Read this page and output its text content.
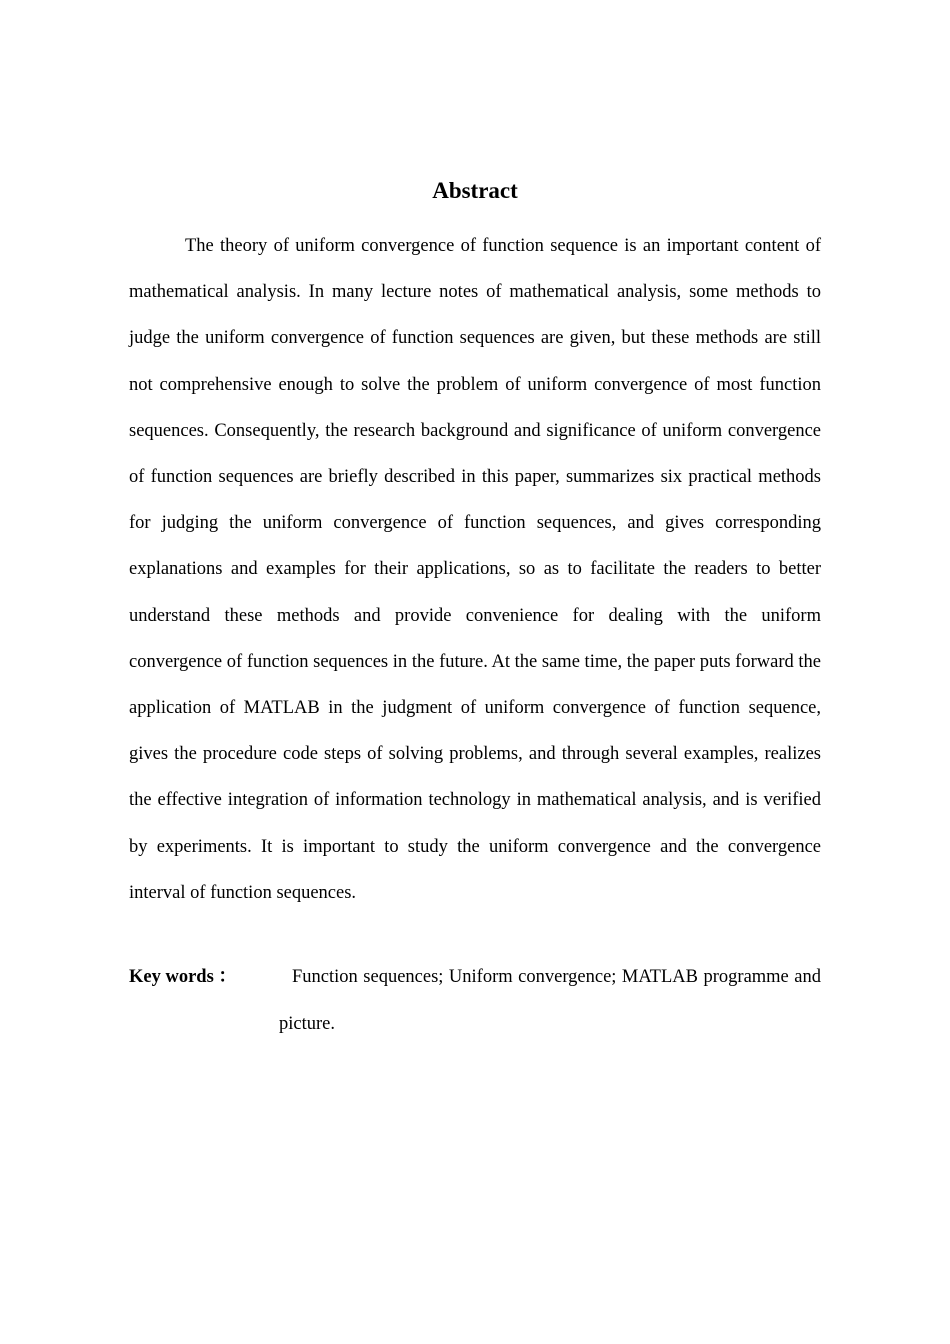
Abstract

The theory of uniform convergence of function sequence is an important content of mathematical analysis. In many lecture notes of mathematical analysis, some methods to judge the uniform convergence of function sequences are given, but these methods are still not comprehensive enough to solve the problem of uniform convergence of most function sequences. Consequently, the research background and significance of uniform convergence of function sequences are briefly described in this paper, summarizes six practical methods for judging the uniform convergence of function sequences, and gives corresponding explanations and examples for their applications, so as to facilitate the readers to better understand these methods and provide convenience for dealing with the uniform convergence of function sequences in the future. At the same time, the paper puts forward the application of MATLAB in the judgment of uniform convergence of function sequence, gives the procedure code steps of solving problems, and through several examples, realizes the effective integration of information technology in mathematical analysis, and is verified by experiments. It is important to study the uniform convergence and the convergence interval of function sequences.

Key words ：	Function sequences; Uniform convergence; MATLAB programme and picture.
